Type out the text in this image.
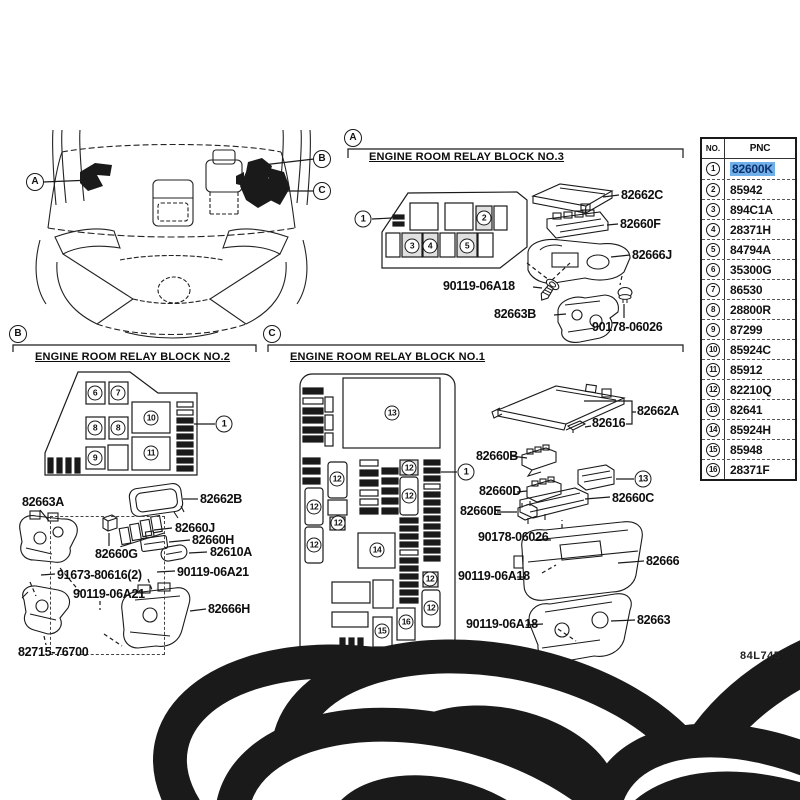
A
B
C
A
ENGINE ROOM RELAY BLOCK NO.3
B
ENGINE ROOM RELAY BLOCK NO.2
C
ENGINE ROOM RELAY BLOCK NO.1
1	2
3	4	5
6	7
8	8
9
10
11
1
13
12
12
12
12
12
12
12
12
14
15
16
1
13
82662C
82660F
82666J
90119-06A18
82663B
90178-06026
82663A	82662B
82660J
82660H
82660G	82610A
91673-80616(2)	90119-06A21
90119-06A21
82666H
82715-76700
82662A
82616
82660B
82660D	82660C
82660E
90178-06026
82666
90119-06A18
90119-06A18	82663
NO.	PNC
1	82600K
2	85942
3	894C1A
4	28371H
5	84794A
6	35300G
7	86530
8	28800R
9	87299
10 85924C
11 85912
12 82210Q
13 82641
14 85924H
15 85948
16 28371F
84L745
